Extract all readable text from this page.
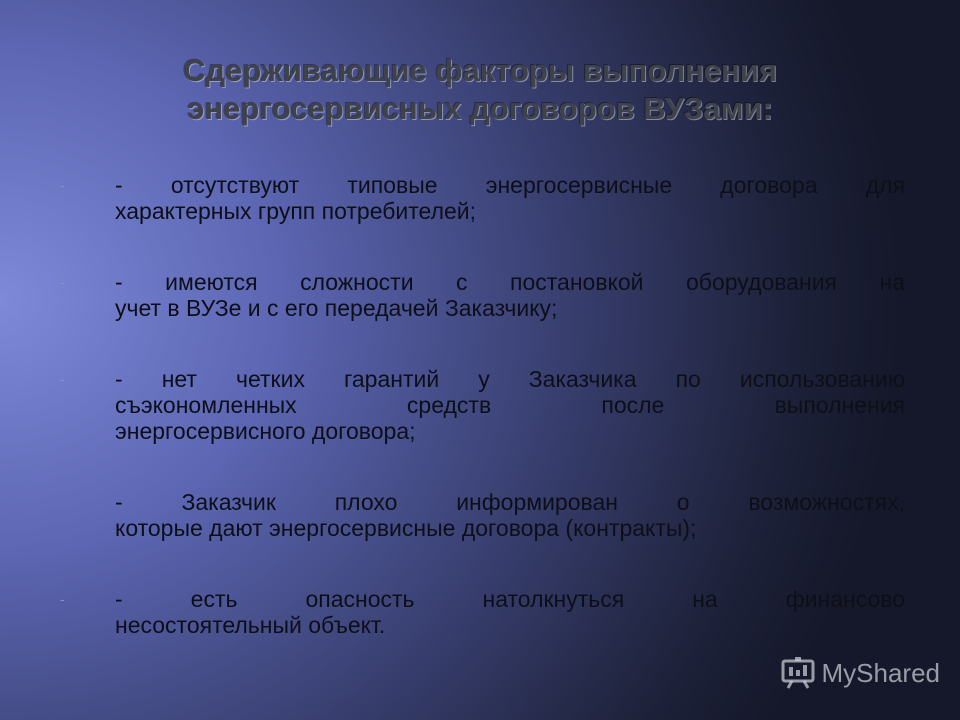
Сдерживающие факторы выполнения
энергосервисных договоров ВУЗами:
- - отсутствуют типовые энергосервисные договора для
характерных групп потребителей;
- - имеются сложности с постановкой оборудования на
учет в ВУЗе и с его передачей Заказчику;
- - нет четких гарантий у Заказчика по использованию
съэкономленных средств после выполнения
энергосервисного договора;
- Заказчик плохо информирован о возможностях,
которые дают энергосервисные договора (контракты);
- - есть опасность натолкнуться на финансово
несостоятельный объект.
MyShared
